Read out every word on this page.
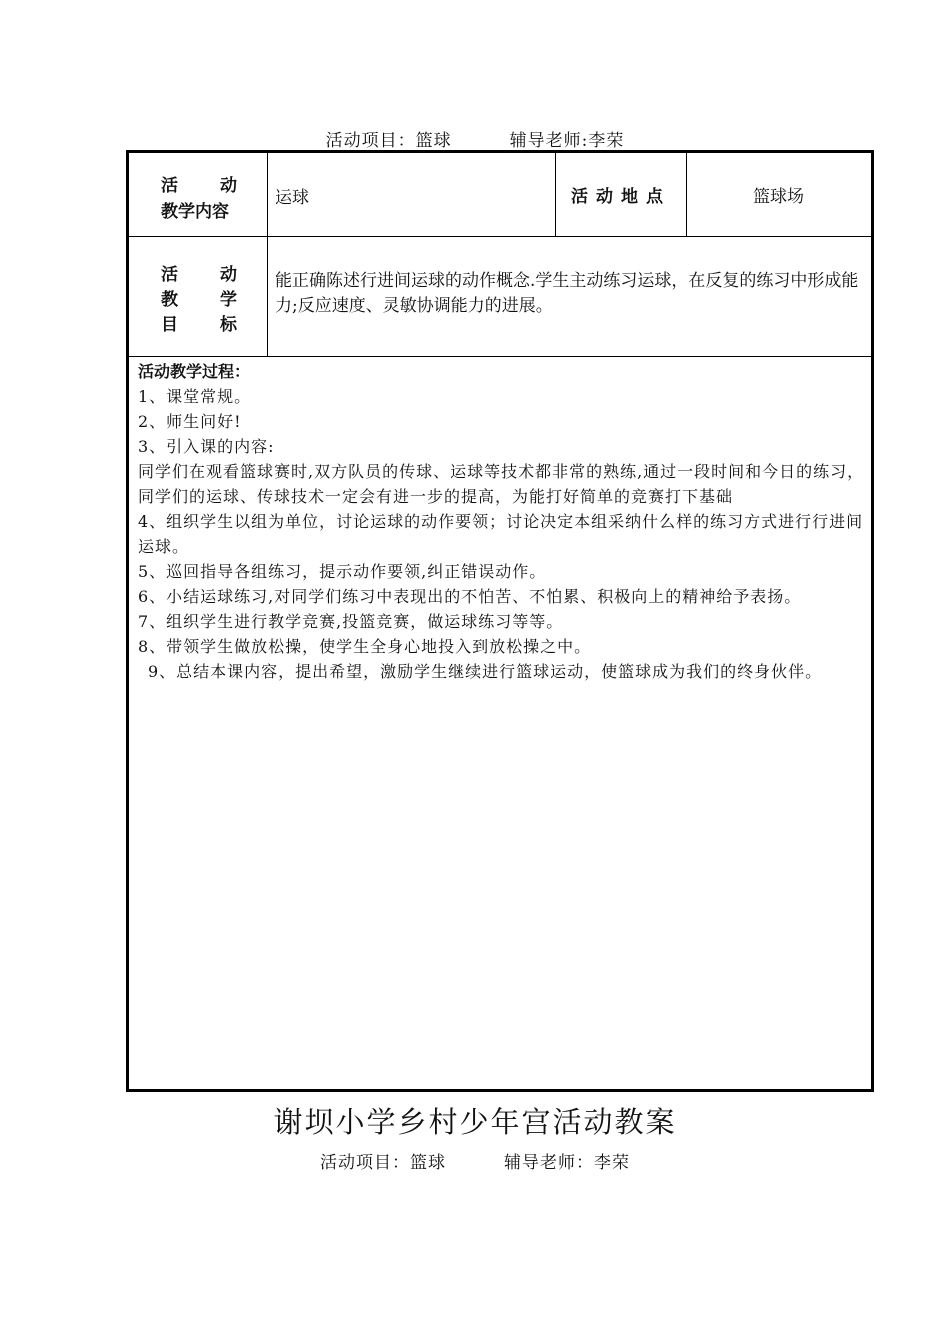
活动项目：篮球	辅导老师:李荣
活 动
教学内容
运球	活动地点	篮球场
活 动
教 学
目 标
能正确陈述行进间运球的动作概念.学生主动练习运球，在反复的练习中形成能力;反应速度、灵敏协调能力的进展。
活动教学过程：

1、课堂常规。

2、师生问好!

3、引入课的内容:

同学们在观看篮球赛时,双方队员的传球、运球等技术都非常的熟练,通过一段时间和今日的练习，同学们的运球、传球技术一定会有进一步的提高，为能打好简单的竞赛打下基础

4、组织学生以组为单位，讨论运球的动作要领；讨论决定本组采纳什么样的练习方式进行行进间运球。

5、巡回指导各组练习，提示动作要领,纠正错误动作。

6、小结运球练习,对同学们练习中表现出的不怕苦、不怕累、积极向上的精神给予表扬。

7、组织学生进行教学竞赛,投篮竞赛，做运球练习等等。

8、带领学生做放松操，使学生全身心地投入到放松操之中。

9、总结本课内容，提出希望，激励学生继续进行篮球运动，使篮球成为我们的终身伙伴。

谢坝小学乡村少年宫活动教案
活动项目：篮球	辅导老师：李荣
